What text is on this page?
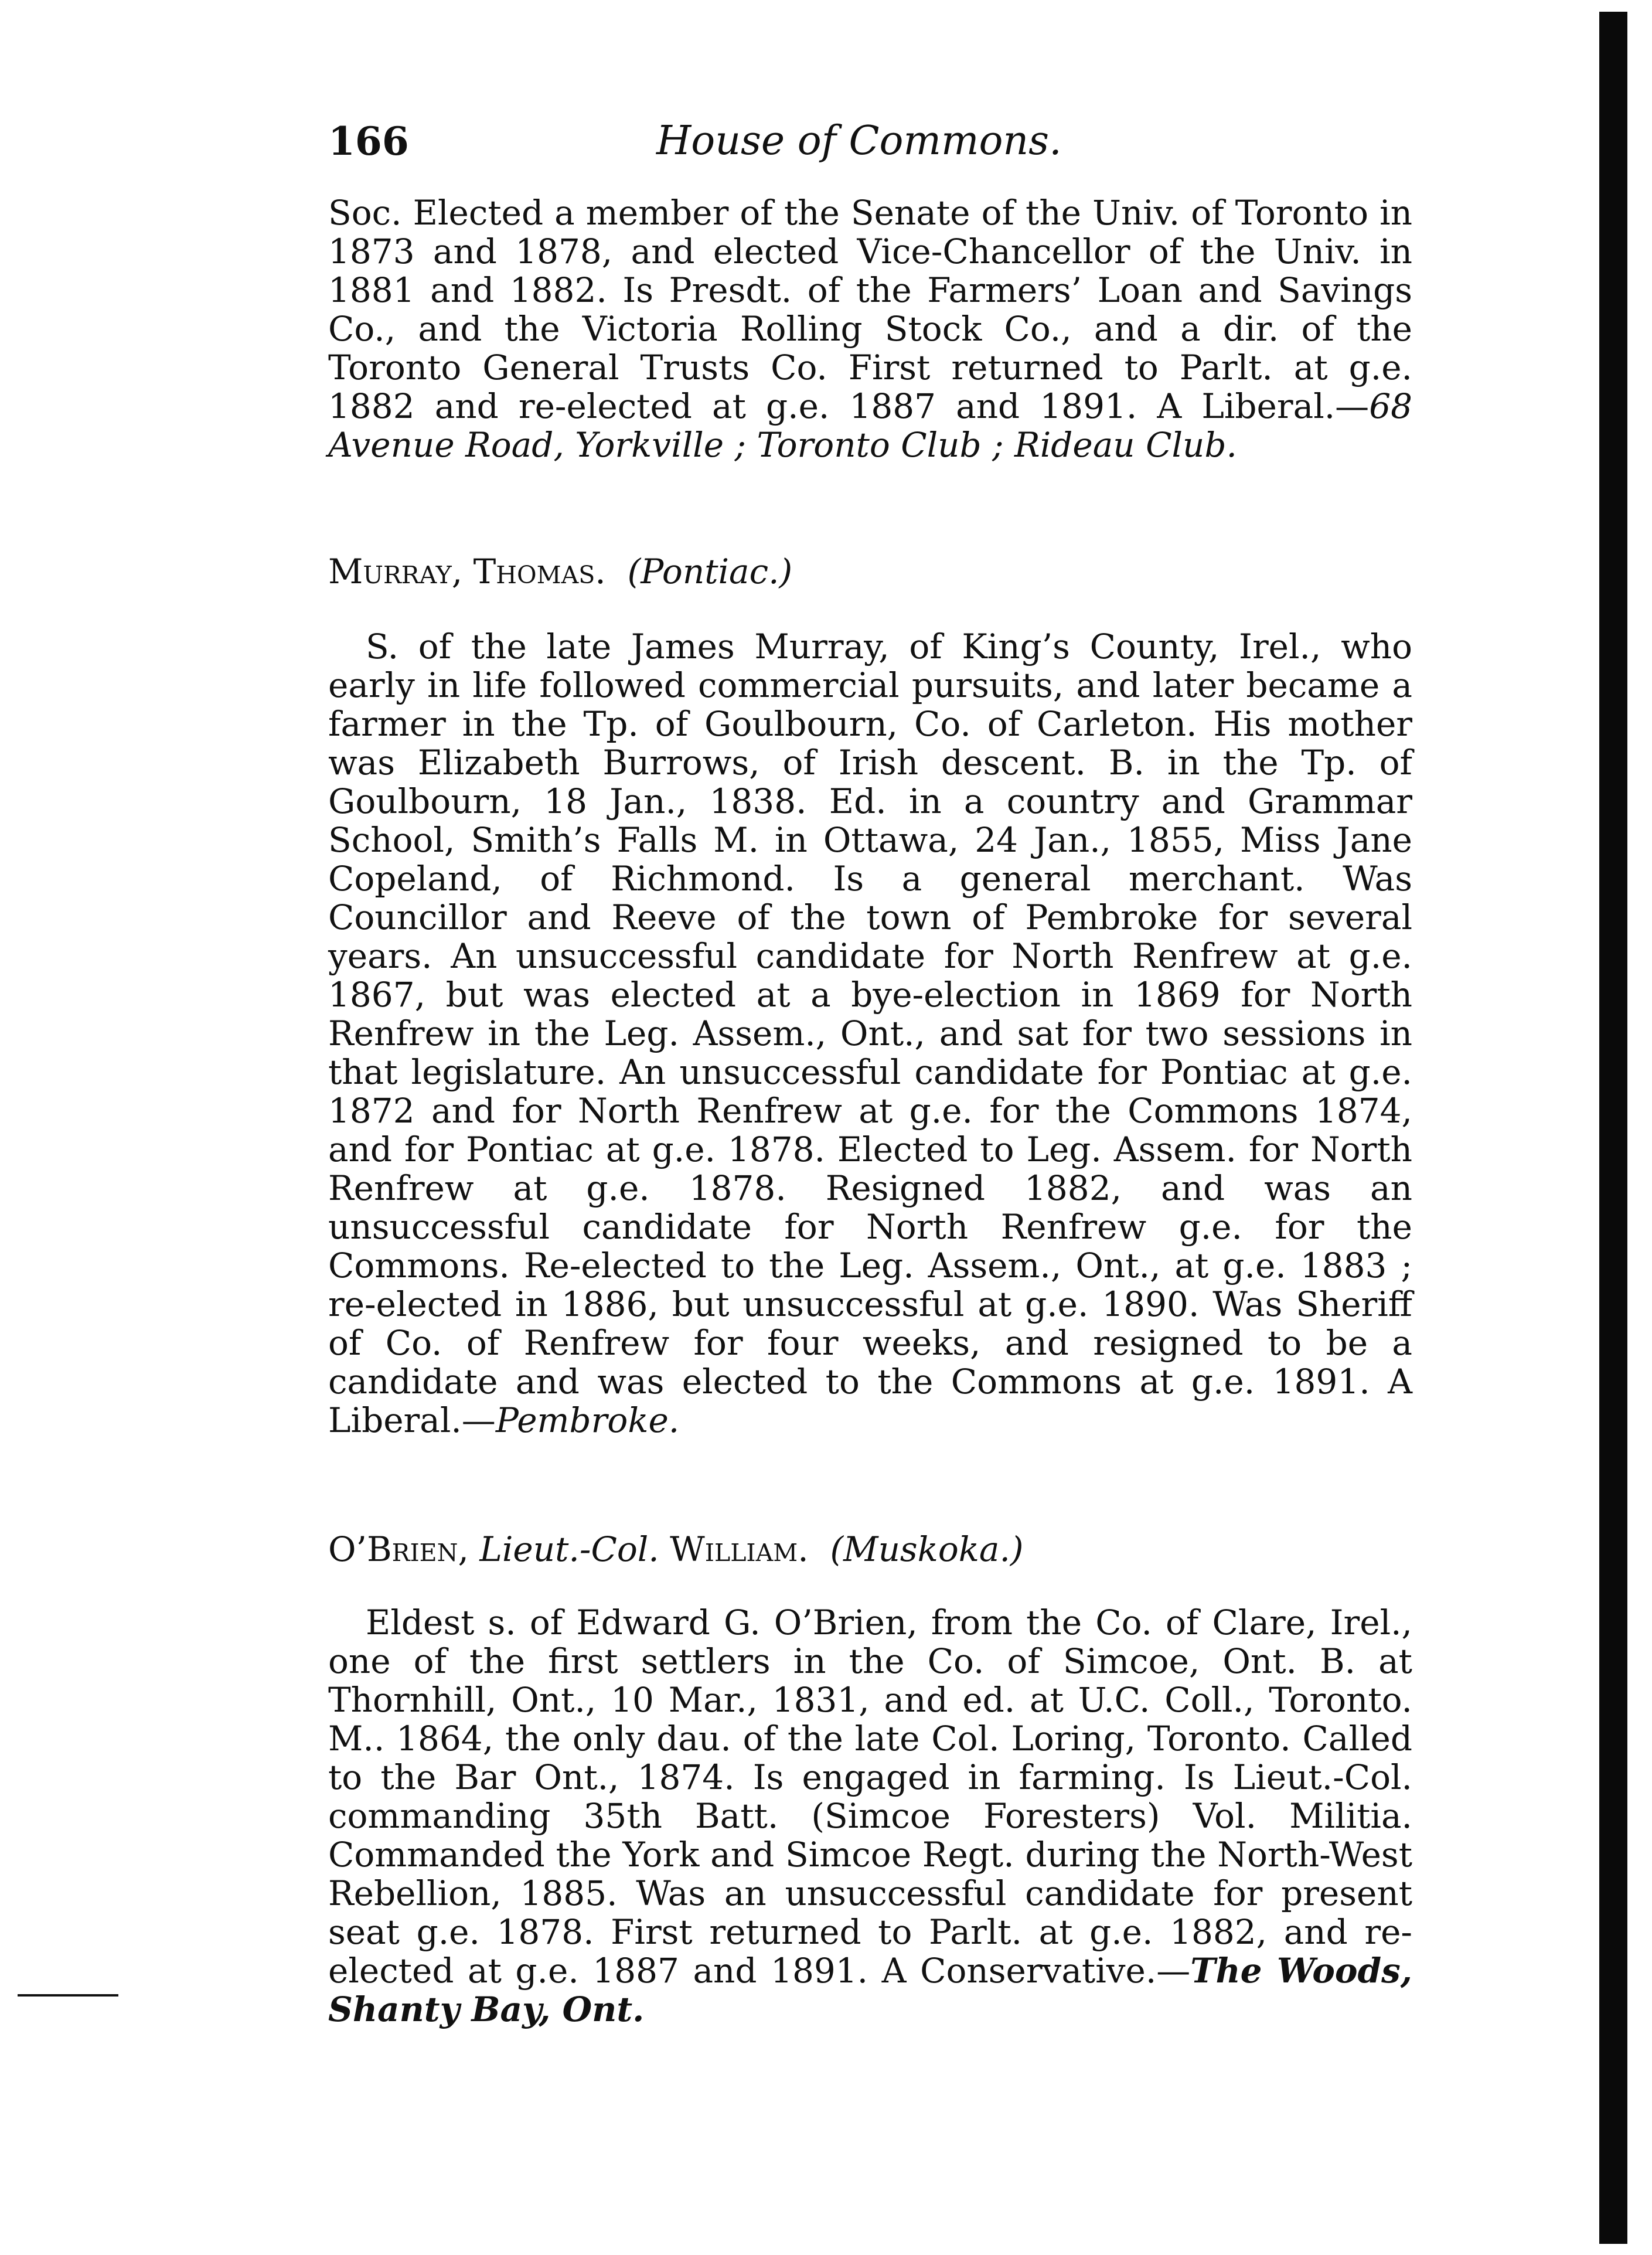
166	House of Commons.

Soc. Elected a member of the Senate of the Univ. of Toronto in 1873 and 1878, and elected Vice-Chancellor of the Univ. in 1881 and 1882. Is Presdt. of the Farmers’ Loan and Savings Co., and the Victoria Rolling Stock Co., and a dir. of the Toronto General Trusts Co. First returned to Parlt. at g.e. 1882 and re-elected at g.e. 1887 and 1891. A Liberal.—68 Avenue Road, Yorkville ; Toronto Club ; Rideau Club.

Murray, Thomas. (Pontiac.)

S. of the late James Murray, of King’s County, Irel., who early in life followed commercial pursuits, and later became a farmer in the Tp. of Goulbourn, Co. of Carleton. His mother was Elizabeth Burrows, of Irish descent. B. in the Tp. of Goulbourn, 18 Jan., 1838. Ed. in a country and Grammar School, Smith’s Falls M. in Ottawa, 24 Jan., 1855, Miss Jane Copeland, of Richmond. Is a general merchant. Was Councillor and Reeve of the town of Pembroke for several years. An unsuccessful candidate for North Renfrew at g.e. 1867, but was elected at a bye-election in 1869 for North Renfrew in the Leg. Assem., Ont., and sat for two sessions in that legislature. An unsuccessful candidate for Pontiac at g.e. 1872 and for North Renfrew at g.e. for the Commons 1874, and for Pontiac at g.e. 1878. Elected to Leg. Assem. for North Renfrew at g.e. 1878. Resigned 1882, and was an unsuccessful candidate for North Renfrew g.e. for the Commons. Re-elected to the Leg. Assem., Ont., at g.e. 1883 ; re-elected in 1886, but unsuccessful at g.e. 1890. Was Sheriff of Co. of Renfrew for four weeks, and resigned to be a candidate and was elected to the Commons at g.e. 1891. A Liberal.—Pembroke.

O’Brien, Lieut.-Col. William. (Muskoka.)

Eldest s. of Edward G. O’Brien, from the Co. of Clare, Irel., one of the first settlers in the Co. of Simcoe, Ont. B. at Thornhill, Ont., 10 Mar., 1831, and ed. at U.C. Coll., Toronto. M.. 1864, the only dau. of the late Col. Loring, Toronto. Called to the Bar Ont., 1874. Is engaged in farming. Is Lieut.-Col. commanding 35th Batt. (Simcoe Foresters) Vol. Militia. Commanded the York and Simcoe Regt. during the North-West Rebellion, 1885. Was an unsuccessful candidate for present seat g.e. 1878. First returned to Parlt. at g.e. 1882, and re-elected at g.e. 1887 and 1891. A Conservative.—The Woods, Shanty Bay, Ont.
